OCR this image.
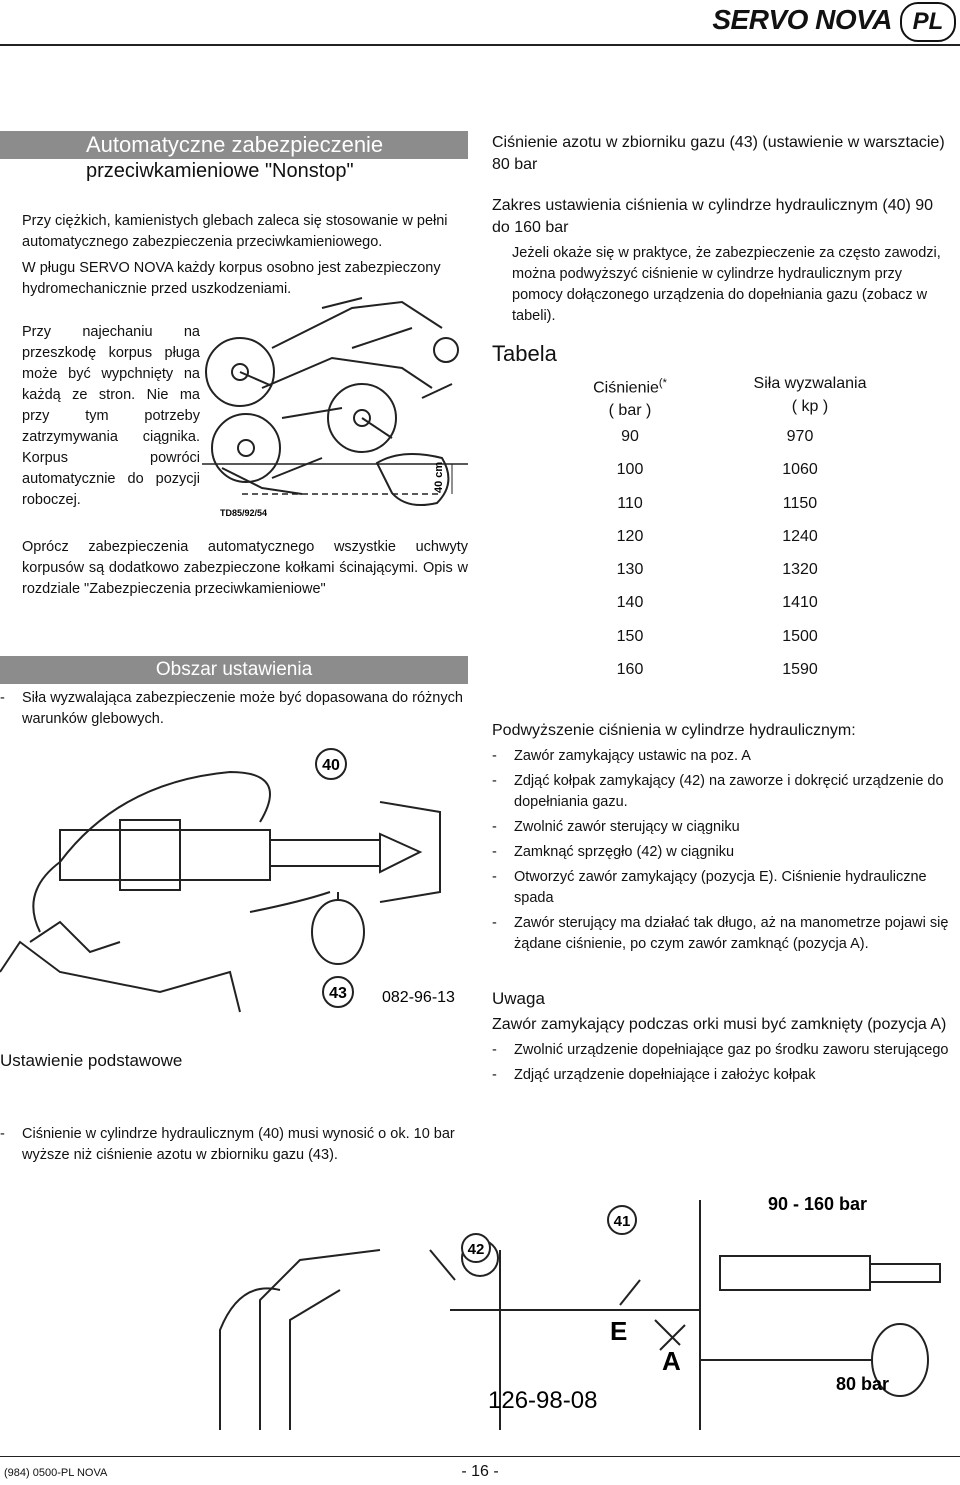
SERVO NOVA PL
Automatyczne zabezpieczenie
przeciwkamieniowe "Nonstop"

Przy ciężkich, kamienistych glebach zaleca się stosowanie w pełni automatycznego zabezpieczenia przeciwkamieniowego.

W pługu SERVO NOVA każdy korpus osobno jest zabezpieczony hydromechanicznie przed uszkodzeniami.

Przy najechaniu na przeszkodę korpus pługa może być wypchnięty na każdą ze stron. Nie ma przy tym potrzeby zatrzymywania ciągnika. Korpus powróci automatycznie do pozycji roboczej.

40 cm
TD85/92/54

Oprócz zabezpieczenia automatycznego wszystkie uchwyty korpusów są dodatkowo zabezpieczone kołkami ścinającymi. Opis w rozdziale "Zabezpieczenia przeciwkamieniowe"

Obszar ustawienia
- Siła wyzwalająca zabezpieczenie może być dopasowana do różnych warunków glebowych.
40
43 082-96-13
Ustawienie podstawowe
- Ciśnienie w cylindrze hydraulicznym (40) musi wynosić o ok. 10 bar wyższe niż ciśnienie azotu w zbiorniku gazu (43).
Ciśnienie azotu w zbiorniku gazu (43) (ustawienie w warsztacie) 80 bar
Zakres ustawienia ciśnienia w cylindrze hydraulicznym (40) 90 do 160 bar

Jeżeli okaże się w praktyce, że zabezpieczenie za często zawodzi, można podwyższyć ciśnienie w cylindrze hydraulicznym przy pomocy dołączonego urządzenia do dopełniania gazu (zobacz w tabeli).

Tabela
Ciśnienie(*
( bar )
Siła wyzwalania
( kp )
90	970
100	1060
110	1150
120	1240
130	1320
140	1410
150	1500
160	1590
Podwyższenie ciśnienia w cylindrze hydraulicznym:
- Zawór zamykający ustawic na poz. A
- Zdjąć kołpak zamykający (42) na zaworze i dokręcić urządzenie do dopełniania gazu.
- Zwolnić zawór sterujący w ciągniku
- Zamknąć sprzęgło (42) w ciągniku
- Otworzyć zawór zamykający (pozycja E). Ciśnienie hydrauliczne spada
- Zawór sterujący ma działać tak długo, aż na manometrze pojawi się żądane ciśnienie, po czym zawór zamknąć (pozycja A).
Uwaga
Zawór zamykający podczas orki musi być zamknięty (pozycja A)
- Zwolnić urządzenie dopełniające gaz po środku zaworu sterującego
- Zdjąć urządzenie dopełniające i założyc kołpak
41
42
90 - 160 bar
E
A
126-98-08
80 bar
(984) 0500-PL NOVA	- 16 -
